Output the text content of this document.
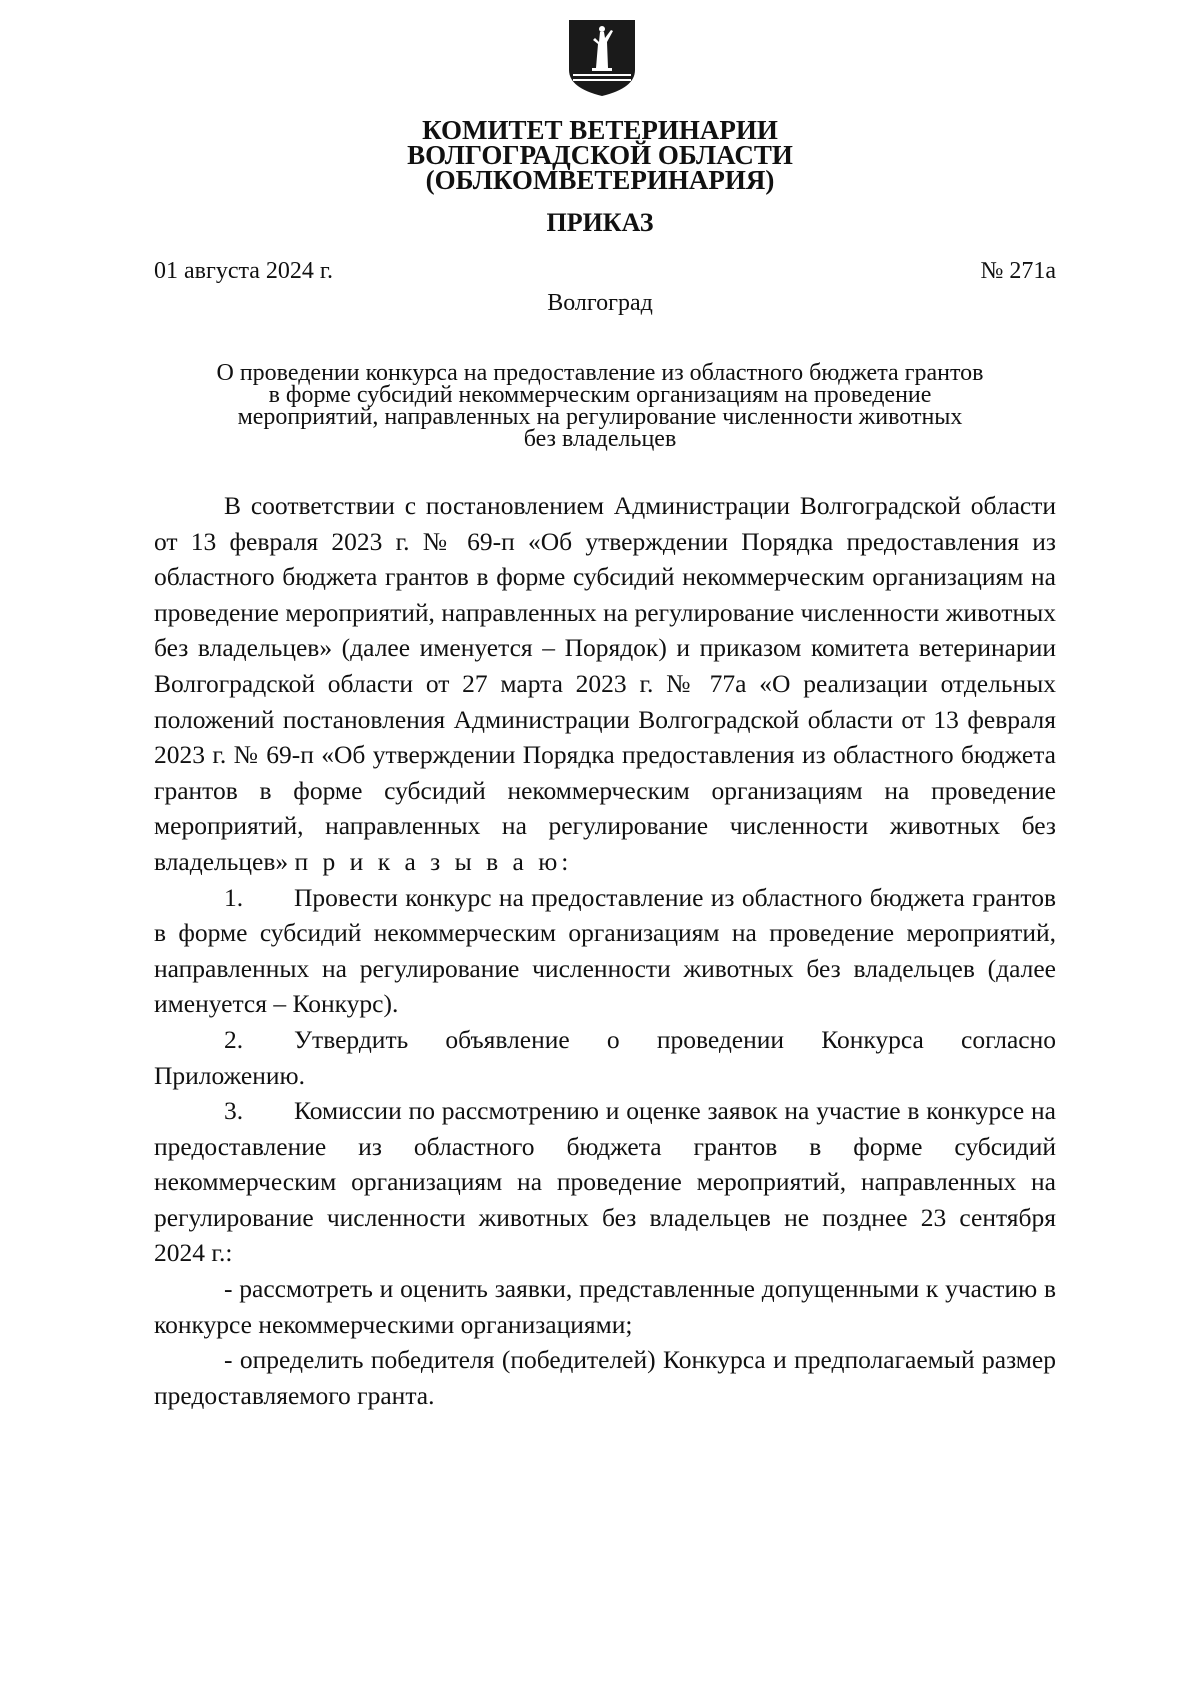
КОМИТЕТ ВЕТЕРИНАРИИ
ВОЛГОГРАДСКОЙ ОБЛАСТИ
(ОБЛКОМВЕТЕРИНАРИЯ)
ПРИКАЗ
01 августа 2024 г.	№ 271а
Волгоград
О проведении конкурса на предоставление из областного бюджета грантов
в форме субсидий некоммерческим организациям на проведение
мероприятий, направленных на регулирование численности животных
без владельцев

В соответствии с постановлением Администрации Волгоградской области от 13 февраля 2023 г. № 69-п «Об утверждении Порядка предоставления из областного бюджета грантов в форме субсидий некоммерческим организациям на проведение мероприятий, направленных на регулирование численности животных без владельцев» (далее именуется – Порядок) и приказом комитета ветеринарии Волгоградской области от 27 марта 2023 г. № 77а «О реализации отдельных положений постановления Администрации Волгоградской области от 13 февраля 2023 г. № 69-п «Об утверждении Порядка предоставления из областного бюджета грантов в форме субсидий некоммерческим организациям на проведение мероприятий, направленных на регулирование численности животных без владельцев» п р и к а з ы в а ю:

1. Провести конкурс на предоставление из областного бюджета грантов в форме субсидий некоммерческим организациям на проведение мероприятий, направленных на регулирование численности животных без владельцев (далее именуется – Конкурс).

2. Утвердить объявление о проведении Конкурса согласно Приложению.

3. Комиссии по рассмотрению и оценке заявок на участие в конкурсе на предоставление из областного бюджета грантов в форме субсидий некоммерческим организациям на проведение мероприятий, направленных на регулирование численности животных без владельцев не позднее 23 сентября 2024 г.:

- рассмотреть и оценить заявки, представленные допущенными к участию в конкурсе некоммерческими организациями;

- определить победителя (победителей) Конкурса и предполагаемый размер предоставляемого гранта.
